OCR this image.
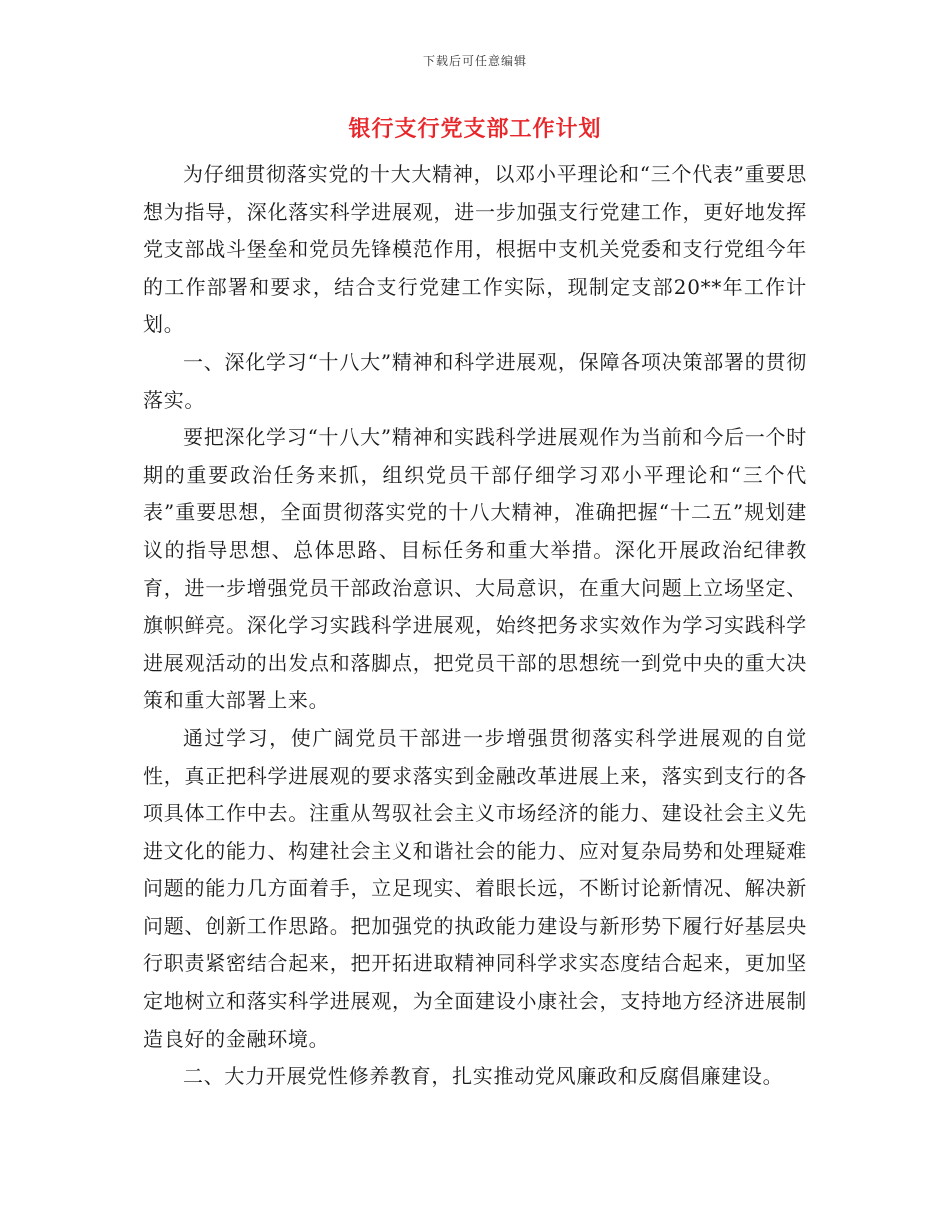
下载后可任意编辑
银行支行党支部工作计划

为仔细贯彻落实党的十大大精神，以邓小平理论和“三个代表”重要思想为指导，深化落实科学进展观，进一步加强支行党建工作，更好地发挥党支部战斗堡垒和党员先锋模范作用，根据中支机关党委和支行党组今年的工作部署和要求，结合支行党建工作实际，现制定支部20**年工作计划。

一、深化学习“十八大”精神和科学进展观，保障各项决策部署的贯彻落实。

要把深化学习“十八大”精神和实践科学进展观作为当前和今后一个时期的重要政治任务来抓，组织党员干部仔细学习邓小平理论和“三个代表”重要思想，全面贯彻落实党的十八大精神，准确把握“十二五”规划建议的指导思想、总体思路、目标任务和重大举措。深化开展政治纪律教育，进一步增强党员干部政治意识、大局意识，在重大问题上立场坚定、旗帜鲜亮。深化学习实践科学进展观，始终把务求实效作为学习实践科学进展观活动的出发点和落脚点，把党员干部的思想统一到党中央的重大决策和重大部署上来。

通过学习，使广阔党员干部进一步增强贯彻落实科学进展观的自觉性，真正把科学进展观的要求落实到金融改革进展上来，落实到支行的各项具体工作中去。注重从驾驭社会主义市场经济的能力、建设社会主义先进文化的能力、构建社会主义和谐社会的能力、应对复杂局势和处理疑难问题的能力几方面着手，立足现实、着眼长远，不断讨论新情况、解决新问题、创新工作思路。把加强党的执政能力建设与新形势下履行好基层央行职责紧密结合起来，把开拓进取精神同科学求实态度结合起来，更加坚定地树立和落实科学进展观，为全面建设小康社会，支持地方经济进展制造良好的金融环境。

二、大力开展党性修养教育，扎实推动党风廉政和反腐倡廉建设。
